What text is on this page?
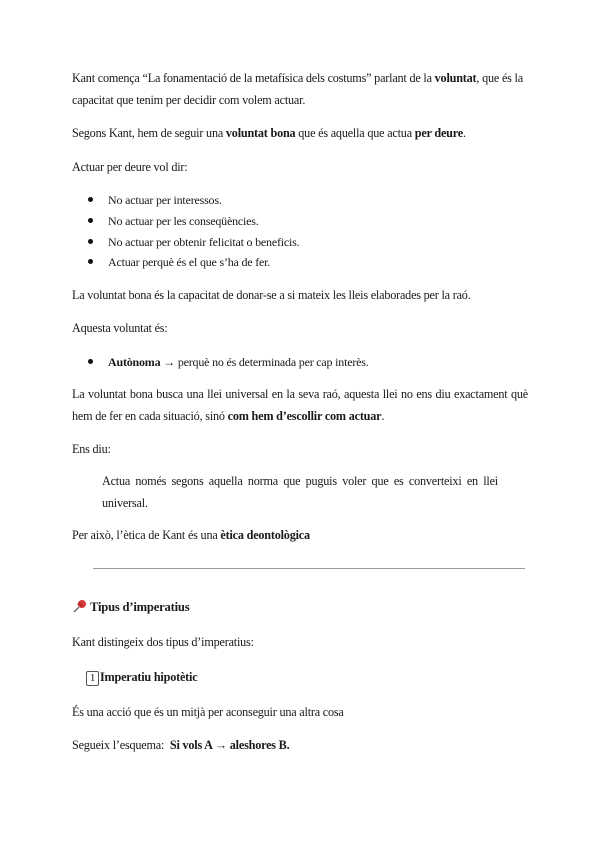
Kant comença “La fonamentació de la metafísica dels costums” parlant de la voluntat, que és la capacitat que tenim per decidir com volem actuar.
Segons Kant, hem de seguir una voluntat bona que és aquella que actua per deure.
Actuar per deure vol dir:
No actuar per interessos.
No actuar per les conseqüències.
No actuar per obtenir felicitat o beneficis.
Actuar perquè és el que s’ha de fer.
La voluntat bona és la capacitat de donar-se a si mateix les lleis elaborades per la raó.
Aquesta voluntat és:
Autònoma → perquè no és determinada per cap interès.
La voluntat bona busca una llei universal en la seva raó, aquesta llei no ens diu exactament què hem de fer en cada situació, sinó com hem d’escollir com actuar.
Ens diu:
Actua només segons aquella norma que puguis voler que es converteixi en llei universal.
Per això, l’ètica de Kant és una ètica deontològica
Tipus d’imperatius
Kant distingeix dos tipus d’imperatius:
1 Imperatiu hipotètic
És una acció que és un mitjà per aconseguir una altra cosa
Segueix l’esquema:  Si vols A → aleshores B.
